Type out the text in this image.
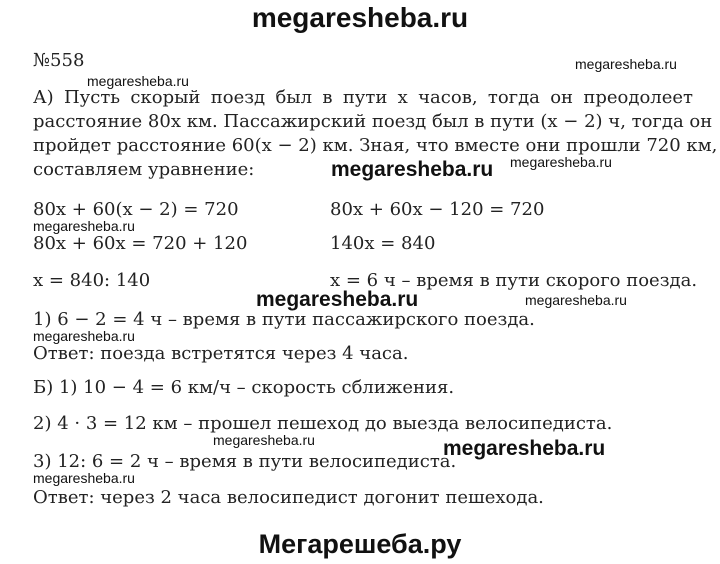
megaresheba.ru
№558
А) Пусть скорый поезд был в пути x часов, тогда он преодолеет
расстояние 80x км. Пассажирский поезд был в пути (x − 2) ч, тогда он
пройдет расстояние 60(x − 2) км. Зная, что вместе они прошли 720 км,
составляем уравнение:
80x + 60(x − 2) = 720	80x + 60x − 120 = 720
80x + 60x = 720 + 120	140x = 840
x = 840: 140	x = 6 ч – время в пути скорого поезда.
1) 6 − 2 = 4 ч – время в пути пассажирского поезда.
Ответ: поезда встретятся через 4 часа.
Б) 1) 10 − 4 = 6 км/ч – скорость сближения.
2) 4 · 3 = 12 км – прошел пешеход до выезда велосипедиста.
3) 12: 6 = 2 ч – время в пути велосипедиста.
Ответ: через 2 часа велосипедист догонит пешехода.
megaresheba.ru
megaresheba.ru
megaresheba.ru
megaresheba.ru
megaresheba.ru
megaresheba.ru	megaresheba.ru
megaresheba.ru
megaresheba.ru	megaresheba.ru
megaresheba.ru
Мегарешеба.ру
